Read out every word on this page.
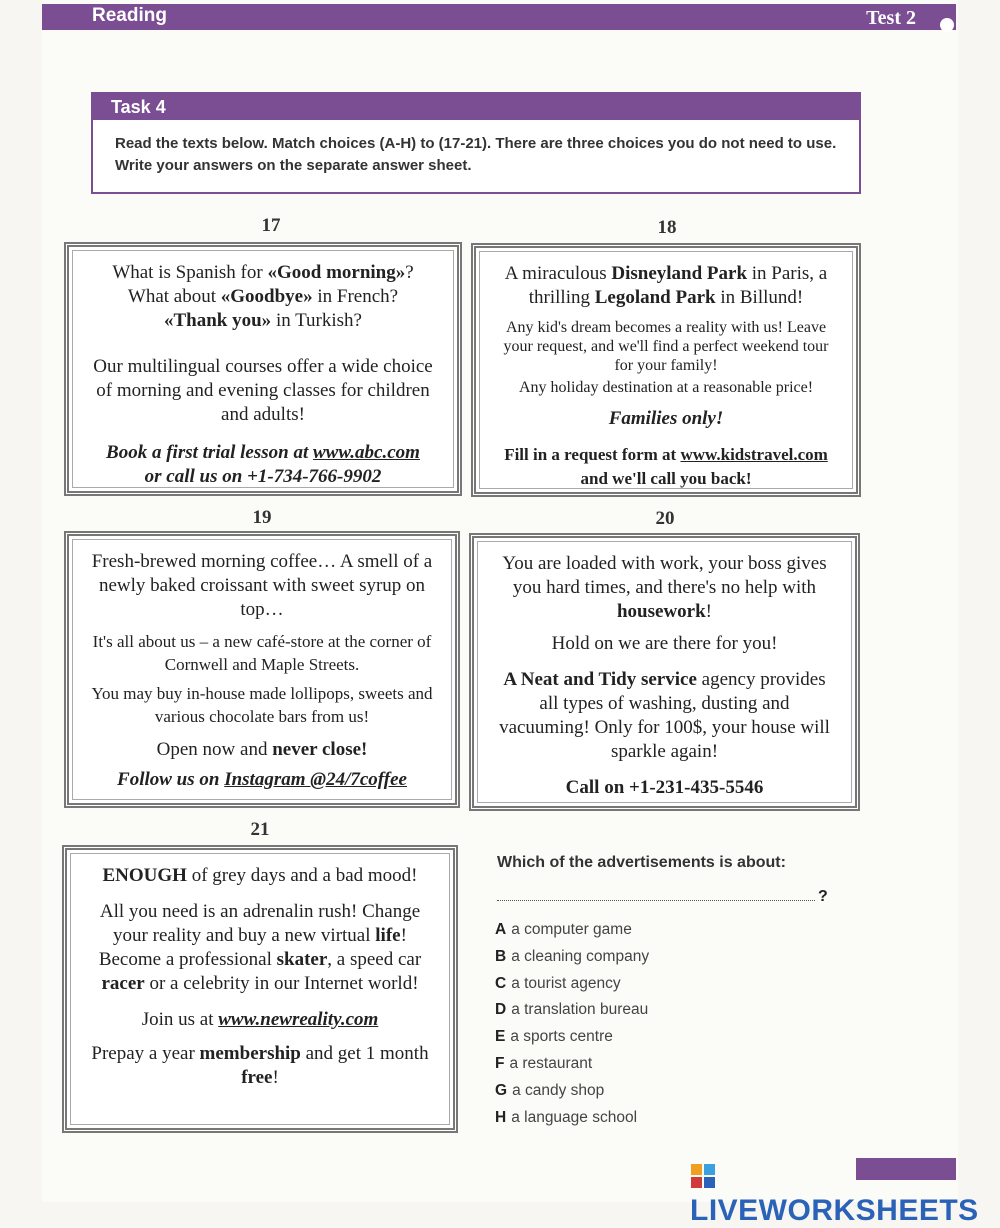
Reading	Test 2
Task 4
Read the texts below. Match choices (A-H) to (17-21). There are three choices you do not need to use. Write your answers on the separate answer sheet.
17

What is Spanish for «Good morning»?

What about «Goodbye» in French?

«Thank you» in Turkish?

Our multilingual courses offer a wide choice of morning and evening classes for children and adults!

Book a first trial lesson at www.abc.com
or call us on +1-734-766-9902

18

A miraculous Disneyland Park in Paris, a thrilling Legoland Park in Billund!

Any kid's dream becomes a reality with us! Leave your request, and we'll find a perfect weekend tour for your family!

Any holiday destination at a reasonable price!

Families only!

Fill in a request form at www.kidstravel.com
and we'll call you back!

19

Fresh-brewed morning coffee… A smell of a newly baked croissant with sweet syrup on top…

It's all about us – a new café-store at the corner of Cornwell and Maple Streets.

You may buy in-house made lollipops, sweets and various chocolate bars from us!

Open now and never close!

Follow us on Instagram @24/7coffee

20

You are loaded with work, your boss gives you hard times, and there's no help with housework!

Hold on we are there for you!

A Neat and Tidy service agency provides all types of washing, dusting and vacuuming! Only for 100$, your house will sparkle again!

Call on +1-231-435-5546

21

ENOUGH of grey days and a bad mood!

All you need is an adrenalin rush! Change your reality and buy a new virtual life! Become a professional skater, a speed car racer or a celebrity in our Internet world!

Join us at www.newreality.com

Prepay a year membership and get 1 month free!

Which of the advertisements is about:
?
A a computer game
B a cleaning company
C a tourist agency
D a translation bureau
E a sports centre
F a restaurant
G a candy shop
H a language school
LIVEWORKSHEETS
